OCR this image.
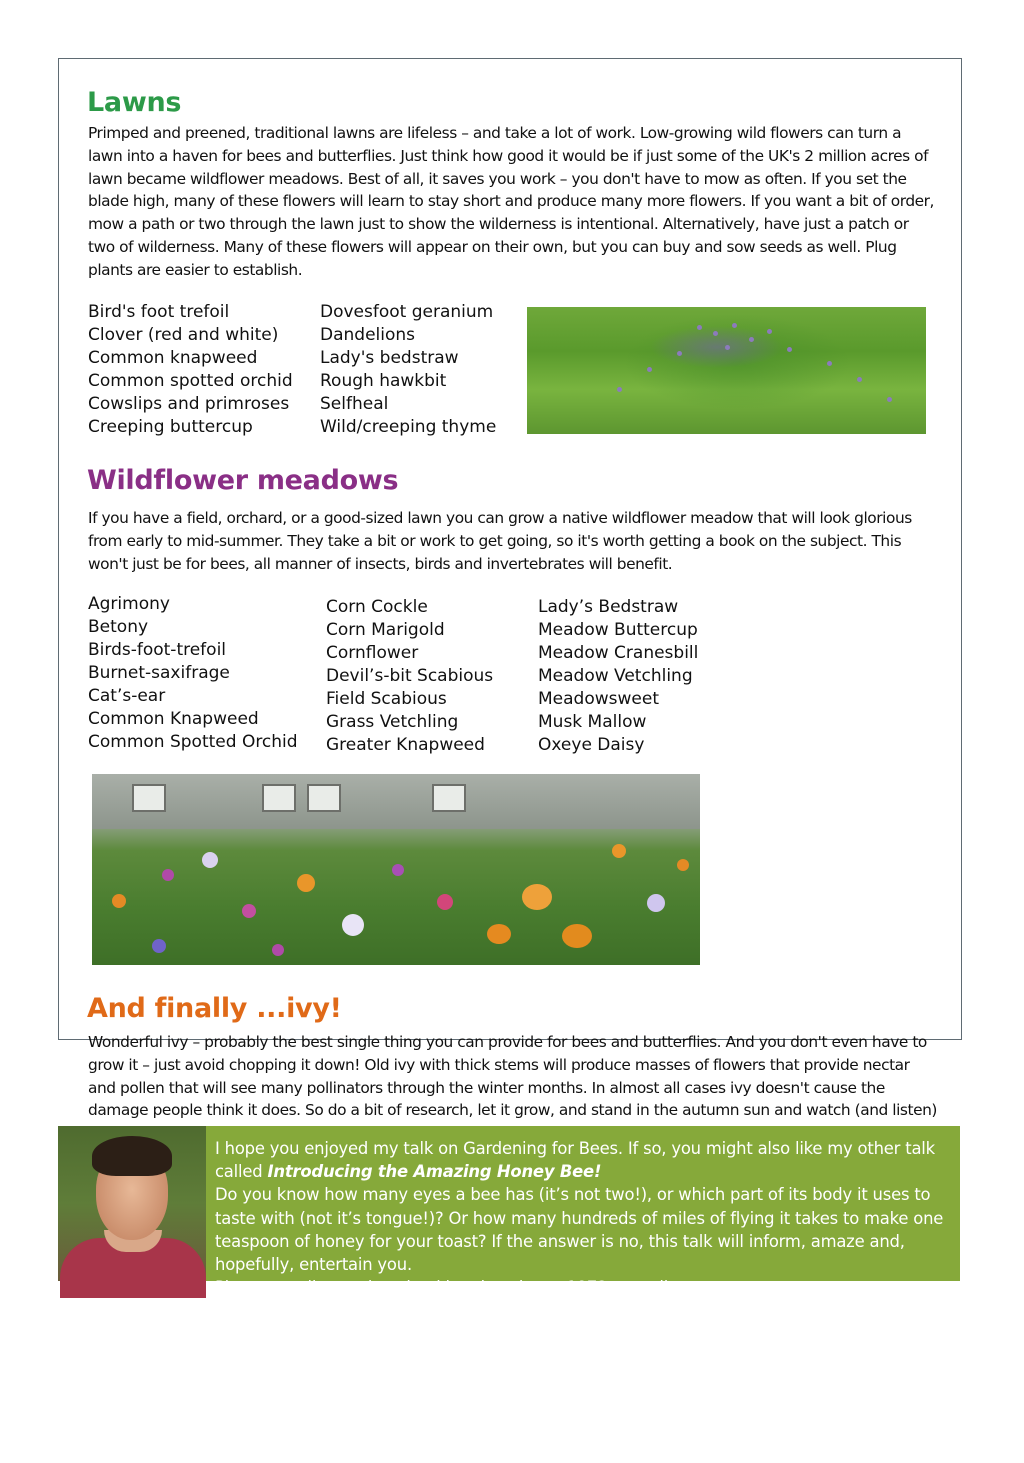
Lawns

Primped and preened, traditional lawns are lifeless – and take a lot of work. Low-growing wild flowers can turn a lawn into a haven for bees and butterflies. Just think how good it would be if just some of the UK's 2 million acres of lawn became wildflower meadows. Best of all, it saves you work – you don't have to mow as often. If you set the blade high, many of these flowers will learn to stay short and produce many more flowers. If you want a bit of order, mow a path or two through the lawn just to show the wilderness is intentional. Alternatively, have just a patch or two of wilderness. Many of these flowers will appear on their own, but you can buy and sow seeds as well. Plug plants are easier to establish.

Bird's foot trefoil
Clover (red and white)
Common knapweed
Common spotted orchid
Cowslips and primroses
Creeping buttercup
Dovesfoot geranium
Dandelions
Lady's bedstraw
Rough hawkbit
Selfheal
Wild/creeping thyme
Wildflower meadows

If you have a field, orchard, or a good-sized lawn you can grow a native wildflower meadow that will look glorious from early to mid-summer. They take a bit or work to get going, so it's worth getting a book on the subject. This won't just be for bees, all manner of insects, birds and invertebrates will benefit.

Agrimony
Betony
Birds-foot-trefoil
Burnet-saxifrage
Cat’s-ear
Common Knapweed
Common Spotted Orchid
Corn Cockle
Corn Marigold
Cornflower
Devil’s-bit Scabious
Field Scabious
Grass Vetchling
Greater Knapweed
Lady’s Bedstraw
Meadow Buttercup
Meadow Cranesbill
Meadow Vetchling
Meadowsweet
Musk Mallow
Oxeye Daisy
And finally ...ivy!

Wonderful ivy – probably the best single thing you can provide for bees and butterflies. And you don't even have to grow it – just avoid chopping it down! Old ivy with thick stems will produce masses of flowers that provide nectar and pollen that will see many pollinators through the winter months. In almost all cases ivy doesn't cause the damage people think it does. So do a bit of research, let it grow, and stand in the autumn sun and watch (and listen)

I hope you enjoyed my talk on Gardening for Bees. If so, you might also like my other talk called Introducing the Amazing Honey Bee!
Do you know how many eyes a bee has (it’s not two!), or which part of its body it uses to taste with (not it’s tongue!)? Or how many hundreds of miles of flying it takes to make one teaspoon of honey for your toast? If the answer is no, this talk will inform, amaze and, hopefully, entertain you.
Please email to make a booking: beesknees1972@gmail.com
